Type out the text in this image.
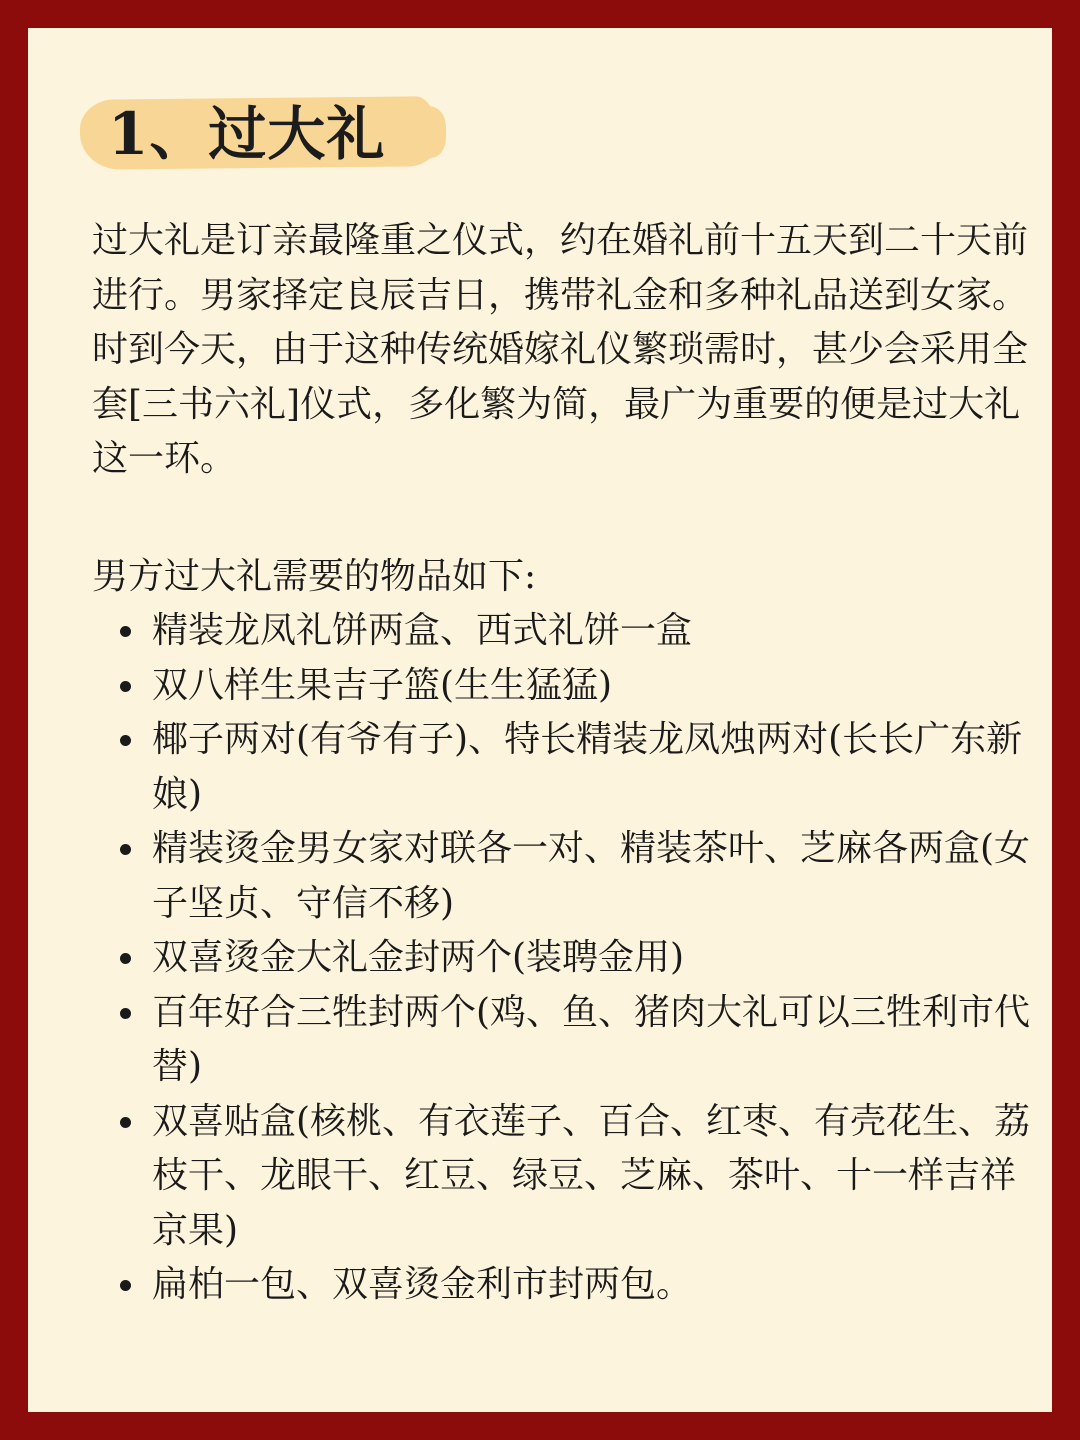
1、过大礼

过大礼是订亲最隆重之仪式，约在婚礼前十五天到二十天前
进行。男家择定良辰吉日，携带礼金和多种礼品送到女家。
时到今天，由于这种传统婚嫁礼仪繁琐需时，甚少会采用全
套[三书六礼]仪式，多化繁为简，最广为重要的便是过大礼
这一环。

男方过大礼需要的物品如下:

精装龙凤礼饼两盒、西式礼饼一盒
双八样生果吉子篮(生生猛猛)
椰子两对(有爷有子)、特长精装龙凤烛两对(长长广东新
娘)
精装烫金男女家对联各一对、精装茶叶、芝麻各两盒(女
子坚贞、守信不移)
双喜烫金大礼金封两个(装聘金用)
百年好合三牲封两个(鸡、鱼、猪肉大礼可以三牲利市代
替)
双喜贴盒(核桃、有衣莲子、百合、红枣、有壳花生、荔
枝干、龙眼干、红豆、绿豆、芝麻、茶叶、十一样吉祥
京果)
扁柏一包、双喜烫金利市封两包。
